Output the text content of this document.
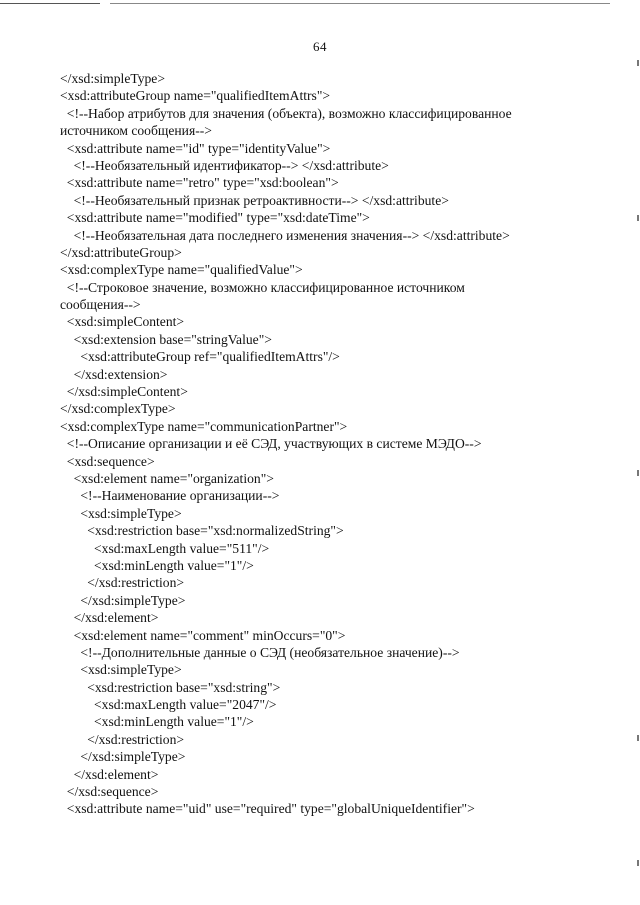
64
</xsd:simpleType>
<xsd:attributeGroup name="qualifiedItemAttrs">
<!--Набор атрибутов для значения (объекта), возможно классифицированное
источником сообщения-->
<xsd:attribute name="id" type="identityValue">
<!--Необязательный идентификатор--> </xsd:attribute>
<xsd:attribute name="retro" type="xsd:boolean">
<!--Необязательный признак ретроактивности--> </xsd:attribute>
<xsd:attribute name="modified" type="xsd:dateTime">
<!--Необязательная дата последнего изменения значения--> </xsd:attribute>
</xsd:attributeGroup>
<xsd:complexType name="qualifiedValue">
<!--Строковое значение, возможно классифицированное источником
сообщения-->
<xsd:simpleContent>
<xsd:extension base="stringValue">
<xsd:attributeGroup ref="qualifiedItemAttrs"/>
</xsd:extension>
</xsd:simpleContent>
</xsd:complexType>
<xsd:complexType name="communicationPartner">
<!--Описание организации и её СЭД, участвующих в системе МЭДО-->
<xsd:sequence>
<xsd:element name="organization">
<!--Наименование организации-->
<xsd:simpleType>
<xsd:restriction base="xsd:normalizedString">
<xsd:maxLength value="511"/>
<xsd:minLength value="1"/>
</xsd:restriction>
</xsd:simpleType>
</xsd:element>
<xsd:element name="comment" minOccurs="0">
<!--Дополнительные данные о СЭД (необязательное значение)-->
<xsd:simpleType>
<xsd:restriction base="xsd:string">
<xsd:maxLength value="2047"/>
<xsd:minLength value="1"/>
</xsd:restriction>
</xsd:simpleType>
</xsd:element>
</xsd:sequence>
<xsd:attribute name="uid" use="required" type="globalUniqueIdentifier">
